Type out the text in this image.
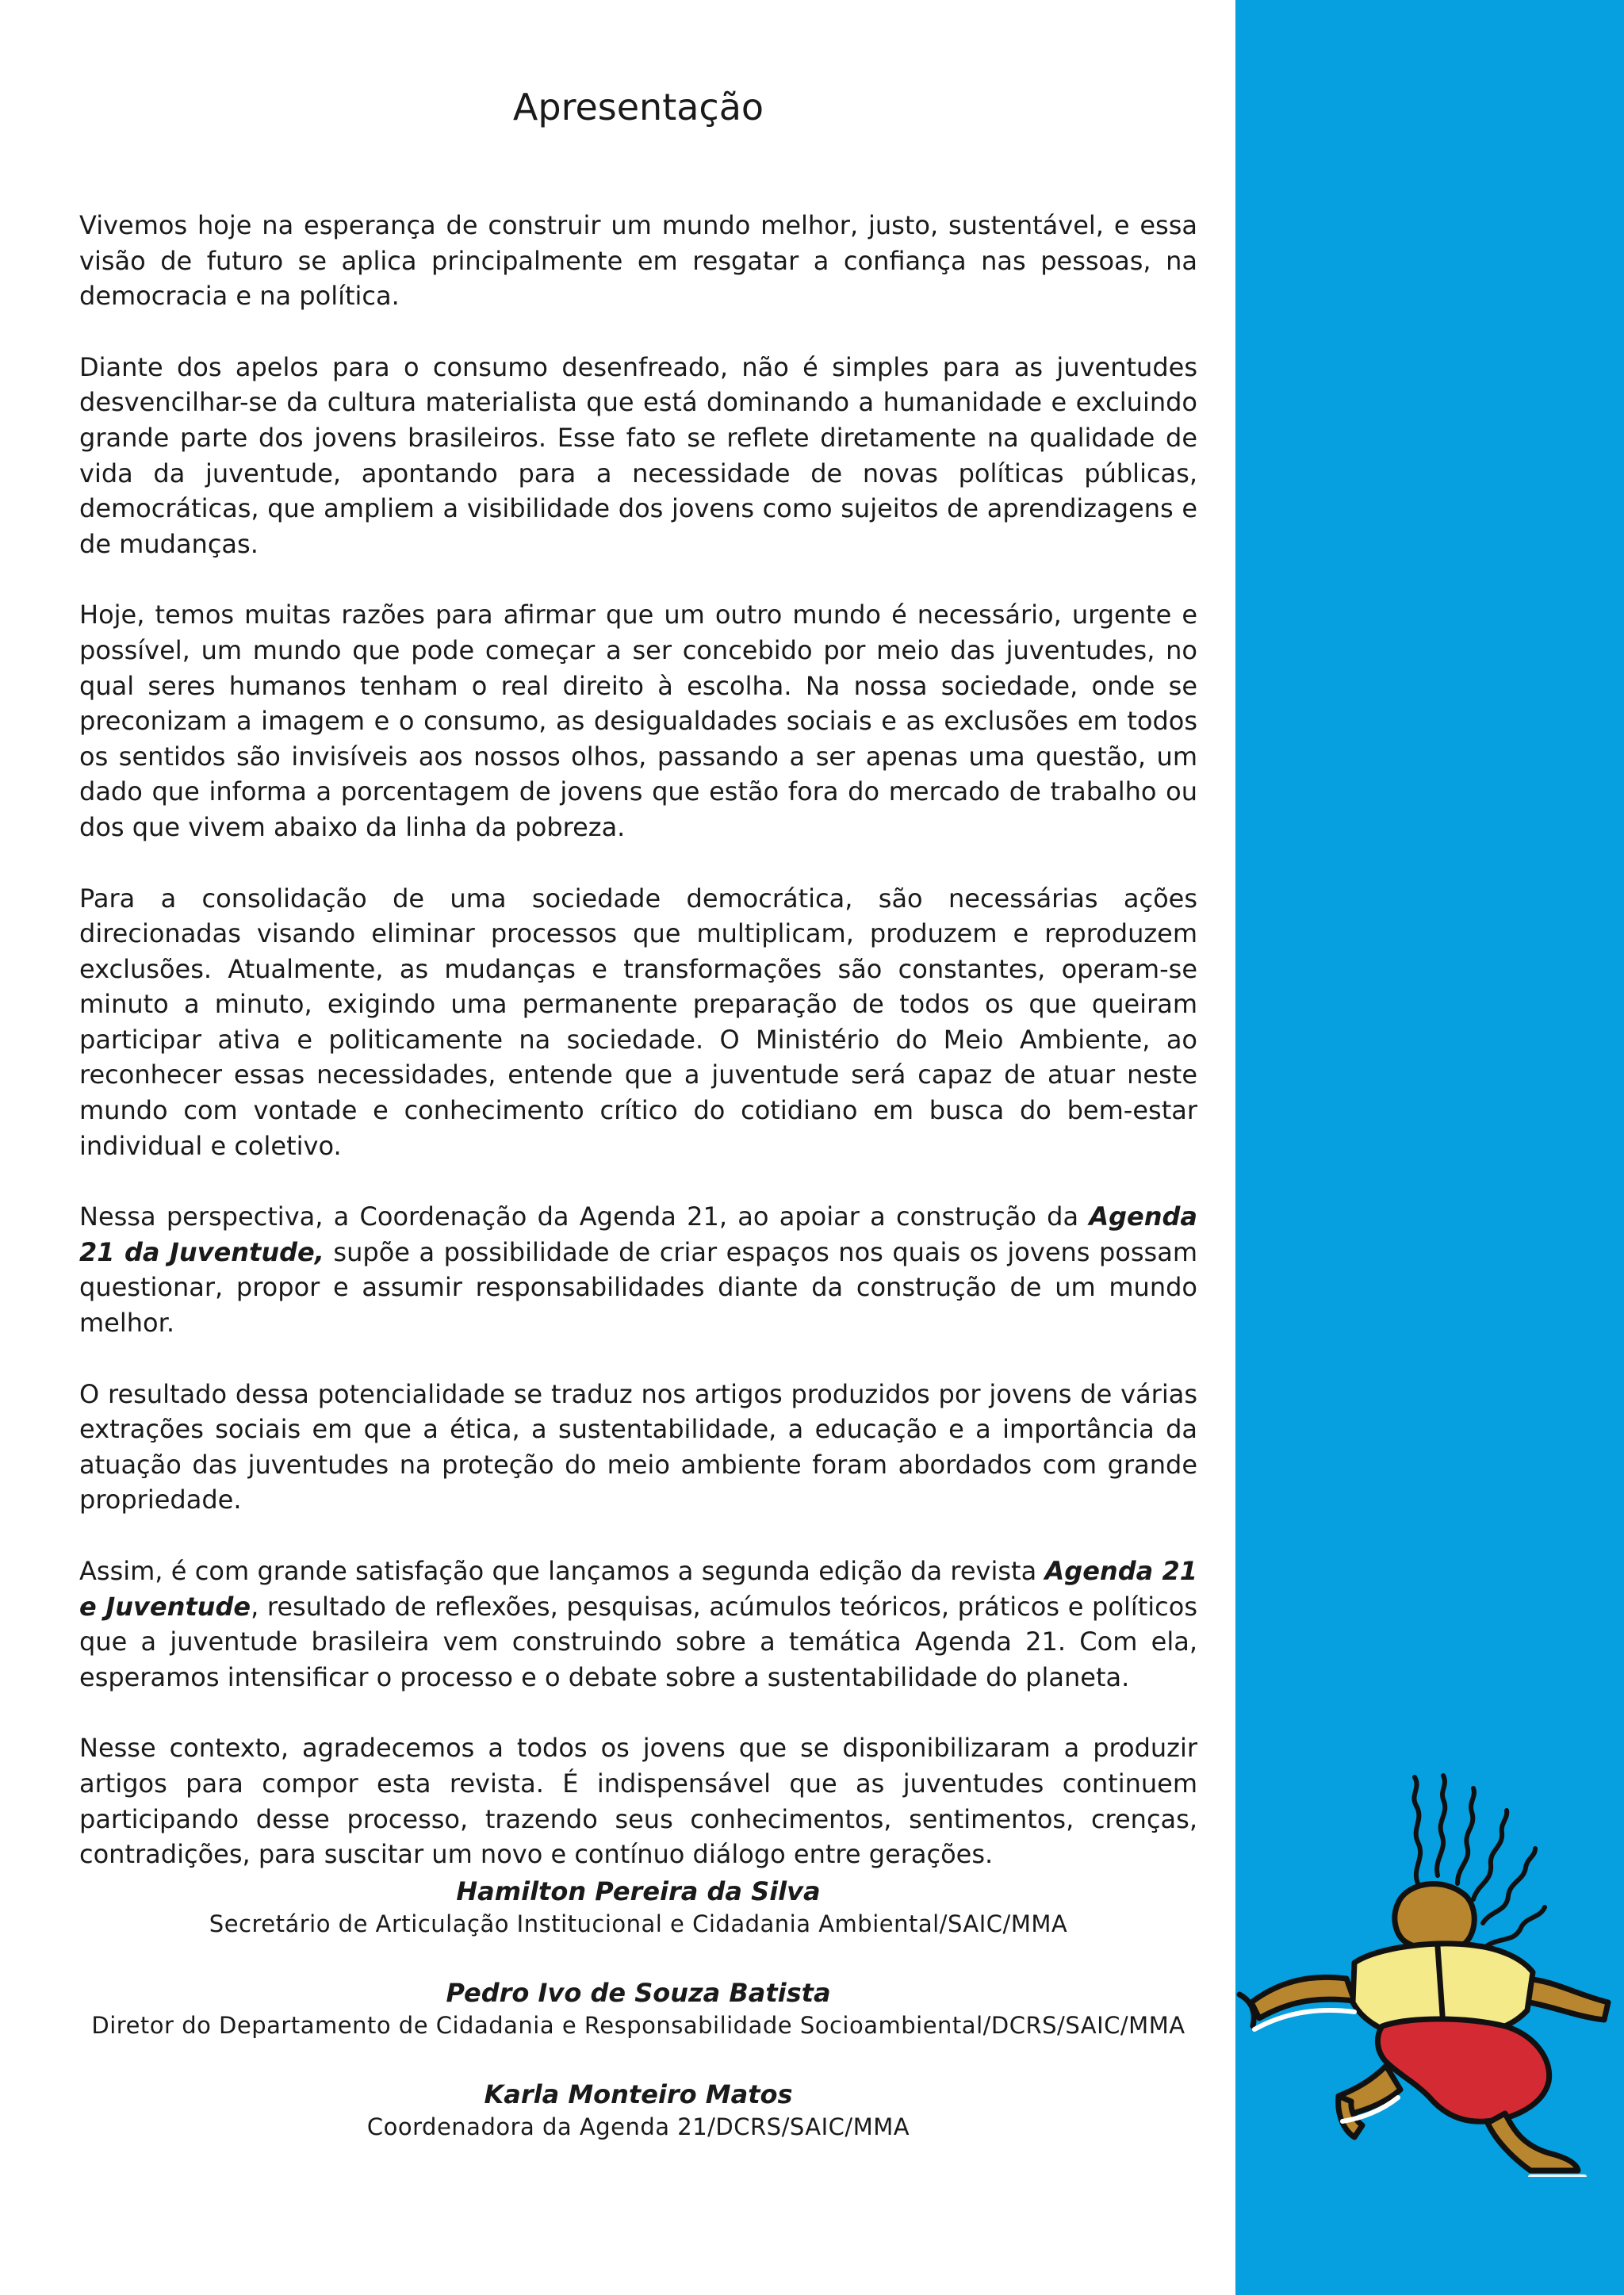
Apresentação

Vivemos hoje na esperança de construir um mundo melhor, justo, sustentável, e essa visão de futuro se aplica principalmente em resgatar a confiança nas pessoas, na democracia e na política.

Diante dos apelos para o consumo desenfreado, não é simples para as juventudes desvencilhar-se da cultura materialista que está dominando a humanidade e excluindo grande parte dos jovens brasileiros. Esse fato se reflete diretamente na qualidade de vida da juventude, apontando para a necessidade de novas políticas públicas, democráticas, que ampliem a visibilidade dos jovens como sujeitos de aprendizagens e de mudanças.

Hoje, temos muitas razões para afirmar que um outro mundo é necessário, urgente e possível, um mundo que pode começar a ser concebido por meio das juventudes, no qual seres humanos tenham o real direito à escolha. Na nossa sociedade, onde se preconizam a imagem e o consumo, as desigualdades sociais e as exclusões em todos os sentidos são invisíveis aos nossos olhos, passando a ser apenas uma questão, um dado que informa a porcentagem de jovens que estão fora do mercado de trabalho ou dos que vivem abaixo da linha da pobreza.

Para a consolidação de uma sociedade democrática, são necessárias ações direcionadas visando eliminar processos que multiplicam, produzem e reproduzem exclusões. Atualmente, as mudanças e transformações são constantes, operam-se minuto a minuto, exigindo uma permanente preparação de todos os que queiram participar ativa e politicamente na sociedade. O Ministério do Meio Ambiente, ao reconhecer essas necessidades, entende que a juventude será capaz de atuar neste mundo com vontade e conhecimento crítico do cotidiano em busca do bem-estar individual e coletivo.

Nessa perspectiva, a Coordenação da Agenda 21, ao apoiar a construção da Agenda 21 da Juventude, supõe a possibilidade de criar espaços nos quais os jovens possam questionar, propor e assumir responsabilidades diante da construção de um mundo melhor.

O resultado dessa potencialidade se traduz nos artigos produzidos por jovens de várias extrações sociais em que a ética, a sustentabilidade, a educação e a importância da atuação das juventudes na proteção do meio ambiente foram abordados com grande propriedade.

Assim, é com grande satisfação que lançamos a segunda edição da revista Agenda 21 e Juventude, resultado de reflexões, pesquisas, acúmulos teóricos, práticos e políticos que a juventude brasileira vem construindo sobre a temática Agenda 21. Com ela, esperamos intensificar o processo e o debate sobre a sustentabilidade do planeta.

Nesse contexto, agradecemos a todos os jovens que se disponibilizaram a produzir artigos para compor esta revista. É indispensável que as juventudes continuem participando desse processo, trazendo seus conhecimentos, sentimentos, crenças, contradições, para suscitar um novo e contínuo diálogo entre gerações.

Hamilton Pereira da Silva
Secretário de Articulação Institucional e Cidadania Ambiental/SAIC/MMA
Pedro Ivo de Souza Batista
Diretor do Departamento de Cidadania e Responsabilidade Socioambiental/DCRS/SAIC/MMA
Karla Monteiro Matos
Coordenadora da Agenda 21/DCRS/SAIC/MMA
